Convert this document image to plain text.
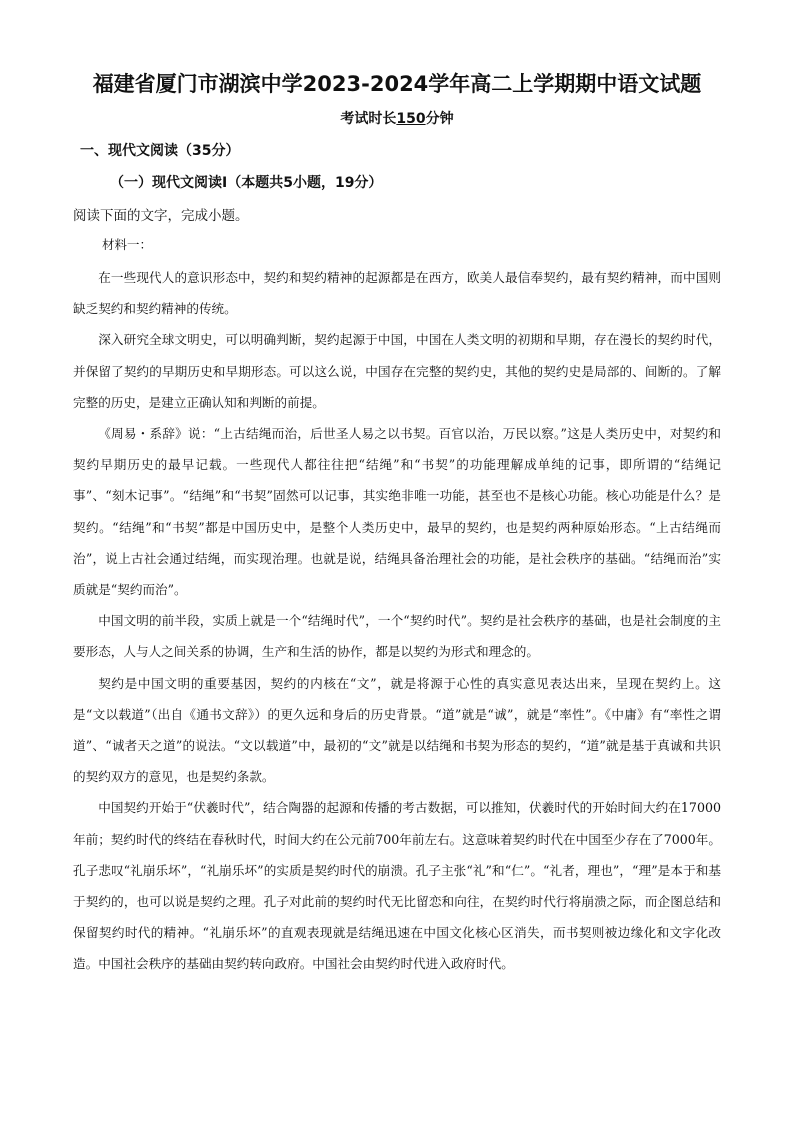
福建省厦门市湖滨中学2023-2024学年高二上学期期中语文试题
考试时长150分钟
一、现代文阅读（35分）
（一）现代文阅读Ⅰ（本题共5小题，19分）
阅读下面的文字，完成小题。
材料一：

在一些现代人的意识形态中，契约和契约精神的起源都是在西方，欧美人最信奉契约，最有契约精神，而中国则缺乏契约和契约精神的传统。

深入研究全球文明史，可以明确判断，契约起源于中国，中国在人类文明的初期和早期，存在漫长的契约时代，并保留了契约的早期历史和早期形态。可以这么说，中国存在完整的契约史，其他的契约史是局部的、间断的。了解完整的历史，是建立正确认知和判断的前提。

《周易・系辞》说：“上古结绳而治，后世圣人易之以书契。百官以治，万民以察。”这是人类历史中，对契约和契约早期历史的最早记载。一些现代人都往往把“结绳”和“书契”的功能理解成单纯的记事，即所谓的“结绳记事”、“刻木记事”。“结绳”和“书契”固然可以记事，其实绝非唯一功能，甚至也不是核心功能。核心功能是什么？是契约。“结绳”和“书契”都是中国历史中，是整个人类历史中，最早的契约，也是契约两种原始形态。“上古结绳而治”，说上古社会通过结绳，而实现治理。也就是说，结绳具备治理社会的功能，是社会秩序的基础。“结绳而治”实质就是“契约而治”。

中国文明的前半段，实质上就是一个“结绳时代”，一个“契约时代”。契约是社会秩序的基础，也是社会制度的主要形态，人与人之间关系的协调，生产和生活的协作，都是以契约为形式和理念的。

契约是中国文明的重要基因，契约的内核在“文”，就是将源于心性的真实意见表达出来，呈现在契约上。这是“文以载道”（出自《通书文辞》）的更久远和身后的历史背景。“道”就是“诚”，就是“率性”。《中庸》有“率性之谓道”、“诚者天之道”的说法。“文以载道”中，最初的“文”就是以结绳和书契为形态的契约，“道”就是基于真诚和共识的契约双方的意见，也是契约条款。

中国契约开始于“伏羲时代”，结合陶器的起源和传播的考古数据，可以推知，伏羲时代的开始时间大约在17000年前；契约时代的终结在春秋时代，时间大约在公元前700年前左右。这意味着契约时代在中国至少存在了7000年。孔子悲叹“礼崩乐坏”，“礼崩乐坏”的实质是契约时代的崩溃。孔子主张“礼”和“仁”。“礼者，理也”，“理”是本于和基于契约的，也可以说是契约之理。孔子对此前的契约时代无比留恋和向往，在契约时代行将崩溃之际，而企图总结和保留契约时代的精神。“礼崩乐坏”的直观表现就是结绳迅速在中国文化核心区消失，而书契则被边缘化和文字化改造。中国社会秩序的基础由契约转向政府。中国社会由契约时代进入政府时代。
